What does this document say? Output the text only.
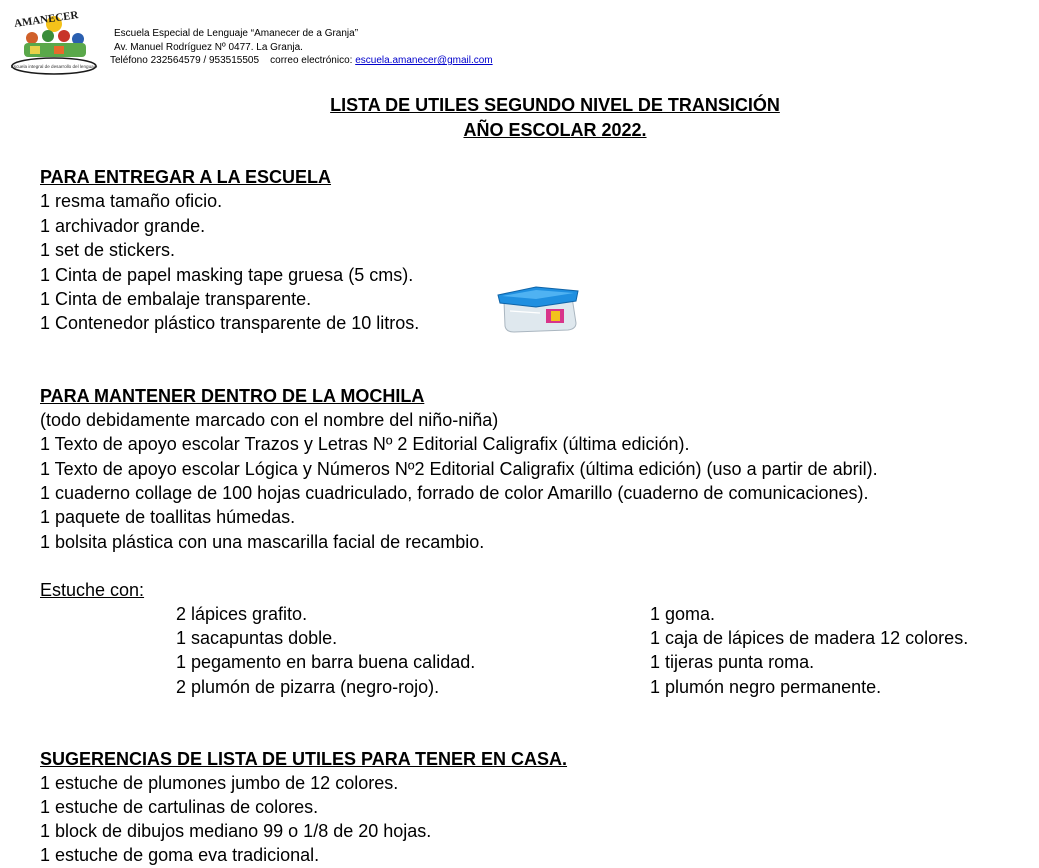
AMANECER
Escuela integral de desarrollo del lenguaje
Escuela Especial de Lenguaje “Amanecer de a Granja”
Av. Manuel Rodríguez Nº 0477. La Granja.
Teléfono 232564579 / 953515505 correo electrónico: escuela.amanecer@gmail.com
LISTA DE UTILES SEGUNDO NIVEL DE TRANSICIÓN
AÑO ESCOLAR 2022.
PARA ENTREGAR A LA ESCUELA
1 resma tamaño oficio.
1 archivador grande.
1 set de stickers.
1 Cinta de papel masking tape gruesa (5 cms).
1 Cinta de embalaje transparente.
1 Contenedor plástico transparente de 10 litros.
PARA MANTENER DENTRO DE LA MOCHILA
(todo debidamente marcado con el nombre del niño-niña)
1 Texto de apoyo escolar Trazos y Letras Nº 2 Editorial Caligrafix (última edición).
1 Texto de apoyo escolar Lógica y Números Nº2 Editorial Caligrafix (última edición) (uso a partir de abril).
1 cuaderno collage de 100 hojas cuadriculado, forrado de color Amarillo (cuaderno de comunicaciones).
1 paquete de toallitas húmedas.
1 bolsita plástica con una mascarilla facial de recambio.
Estuche con:
2 lápices grafito.
1 sacapuntas doble.
1 pegamento en barra buena calidad.
2 plumón de pizarra (negro-rojo).
1 goma.
1 caja de lápices de madera 12 colores.
1 tijeras punta roma.
1 plumón negro permanente.
SUGERENCIAS DE LISTA DE UTILES PARA TENER EN CASA.
1 estuche de plumones jumbo de 12 colores.
1 estuche de cartulinas de colores.
1 block de dibujos mediano 99 o 1/8 de 20 hojas.
1 estuche de goma eva tradicional.
